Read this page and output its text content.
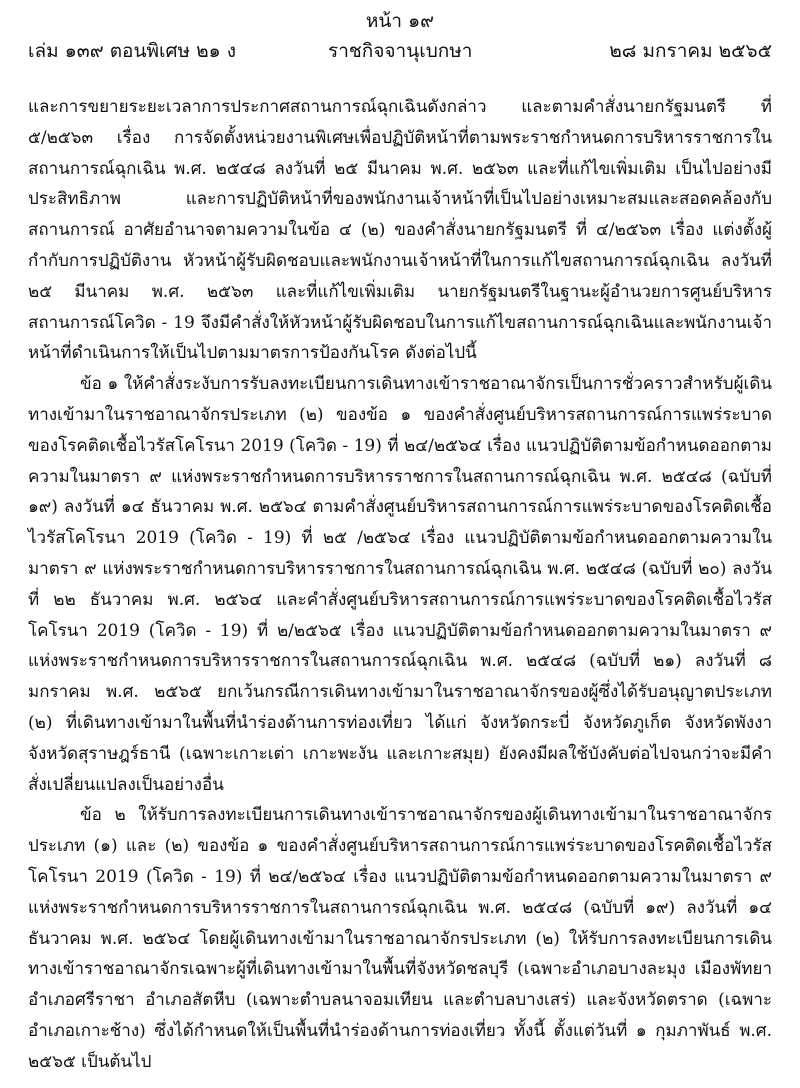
หน้า ๑๙
เล่ม ๑๓๙ ตอนพิเศษ ๒๑ ง	ราชกิจจานุเบกษา	๒๘ มกราคม ๒๕๖๕

และการขยายระยะเวลาการประกาศสถานการณ์ฉุกเฉินดังกล่าว และตามคำสั่งนายกรัฐมนตรี ที่ ๕/๒๕๖๓ เรื่อง การจัดตั้งหน่วยงานพิเศษเพื่อปฏิบัติหน้าที่ตามพระราชกำหนดการบริหารราชการในสถานการณ์ฉุกเฉิน พ.ศ. ๒๕๔๘ ลงวันที่ ๒๕ มีนาคม พ.ศ. ๒๕๖๓ และที่แก้ไขเพิ่มเติม เป็นไปอย่างมีประสิทธิภาพ และการปฏิบัติหน้าที่ของพนักงานเจ้าหน้าที่เป็นไปอย่างเหมาะสมและสอดคล้องกับสถานการณ์ อาศัยอำนาจตามความในข้อ ๔ (๒) ของคำสั่งนายกรัฐมนตรี ที่ ๔/๒๕๖๓ เรื่อง แต่งตั้งผู้กำกับการปฏิบัติงาน หัวหน้าผู้รับผิดชอบและพนักงานเจ้าหน้าที่ในการแก้ไขสถานการณ์ฉุกเฉิน ลงวันที่ ๒๕ มีนาคม พ.ศ. ๒๕๖๓ และที่แก้ไขเพิ่มเติม นายกรัฐมนตรีในฐานะผู้อำนวยการศูนย์บริหารสถานการณ์โควิด - 19 จึงมีคำสั่งให้หัวหน้าผู้รับผิดชอบในการแก้ไขสถานการณ์ฉุกเฉินและพนักงานเจ้าหน้าที่ดำเนินการให้เป็นไปตามมาตรการป้องกันโรค ดังต่อไปนี้

ข้อ ๑ ให้คำสั่งระงับการรับลงทะเบียนการเดินทางเข้าราชอาณาจักรเป็นการชั่วคราวสำหรับผู้เดินทางเข้ามาในราชอาณาจักรประเภท (๒) ของข้อ ๑ ของคำสั่งศูนย์บริหารสถานการณ์การแพร่ระบาดของโรคติดเชื้อไวรัสโคโรนา 2019 (โควิด - 19) ที่ ๒๔/๒๕๖๔ เรื่อง แนวปฏิบัติตามข้อกำหนดออกตามความในมาตรา ๙ แห่งพระราชกำหนดการบริหารราชการในสถานการณ์ฉุกเฉิน พ.ศ. ๒๕๔๘ (ฉบับที่ ๑๙) ลงวันที่ ๑๔ ธันวาคม พ.ศ. ๒๕๖๔ ตามคำสั่งศูนย์บริหารสถานการณ์การแพร่ระบาดของโรคติดเชื้อไวรัสโคโรนา 2019 (โควิด - 19) ที่ ๒๕ /๒๕๖๔ เรื่อง แนวปฏิบัติตามข้อกำหนดออกตามความในมาตรา ๙ แห่งพระราชกำหนดการบริหารราชการในสถานการณ์ฉุกเฉิน พ.ศ. ๒๕๔๘ (ฉบับที่ ๒๐) ลงวันที่ ๒๒ ธันวาคม พ.ศ. ๒๕๖๔ และคำสั่งศูนย์บริหารสถานการณ์การแพร่ระบาดของโรคติดเชื้อไวรัสโคโรนา 2019 (โควิด - 19) ที่ ๒/๒๕๖๕ เรื่อง แนวปฏิบัติตามข้อกำหนดออกตามความในมาตรา ๙ แห่งพระราชกำหนดการบริหารราชการในสถานการณ์ฉุกเฉิน พ.ศ. ๒๕๔๘ (ฉบับที่ ๒๑) ลงวันที่ ๘ มกราคม พ.ศ. ๒๕๖๕ ยกเว้นกรณีการเดินทางเข้ามาในราชอาณาจักรของผู้ซึ่งได้รับอนุญาตประเภท (๒) ที่เดินทางเข้ามาในพื้นที่นำร่องด้านการท่องเที่ยว ได้แก่ จังหวัดกระบี่ จังหวัดภูเก็ต จังหวัดพังงา จังหวัดสุราษฎร์ธานี (เฉพาะเกาะเต่า เกาะพะงัน และเกาะสมุย) ยังคงมีผลใช้บังคับต่อไปจนกว่าจะมีคำสั่งเปลี่ยนแปลงเป็นอย่างอื่น

ข้อ ๒ ให้รับการลงทะเบียนการเดินทางเข้าราชอาณาจักรของผู้เดินทางเข้ามาในราชอาณาจักรประเภท (๑) และ (๒) ของข้อ ๑ ของคำสั่งศูนย์บริหารสถานการณ์การแพร่ระบาดของโรคติดเชื้อไวรัสโคโรนา 2019 (โควิด - 19) ที่ ๒๔/๒๕๖๔ เรื่อง แนวปฏิบัติตามข้อกำหนดออกตามความในมาตรา ๙ แห่งพระราชกำหนดการบริหารราชการในสถานการณ์ฉุกเฉิน พ.ศ. ๒๕๔๘ (ฉบับที่ ๑๙) ลงวันที่ ๑๔ ธันวาคม พ.ศ. ๒๕๖๔ โดยผู้เดินทางเข้ามาในราชอาณาจักรประเภท (๒) ให้รับการลงทะเบียนการเดินทางเข้าราชอาณาจักรเฉพาะผู้ที่เดินทางเข้ามาในพื้นที่จังหวัดชลบุรี (เฉพาะอำเภอบางละมุง เมืองพัทยา อำเภอศรีราชา อำเภอสัตหีบ (เฉพาะตำบลนาจอมเทียน และตำบลบางเสร่) และจังหวัดตราด (เฉพาะอำเภอเกาะช้าง) ซึ่งได้กำหนดให้เป็นพื้นที่นำร่องด้านการท่องเที่ยว ทั้งนี้ ตั้งแต่วันที่ ๑ กุมภาพันธ์ พ.ศ. ๒๕๖๕ เป็นต้นไป
